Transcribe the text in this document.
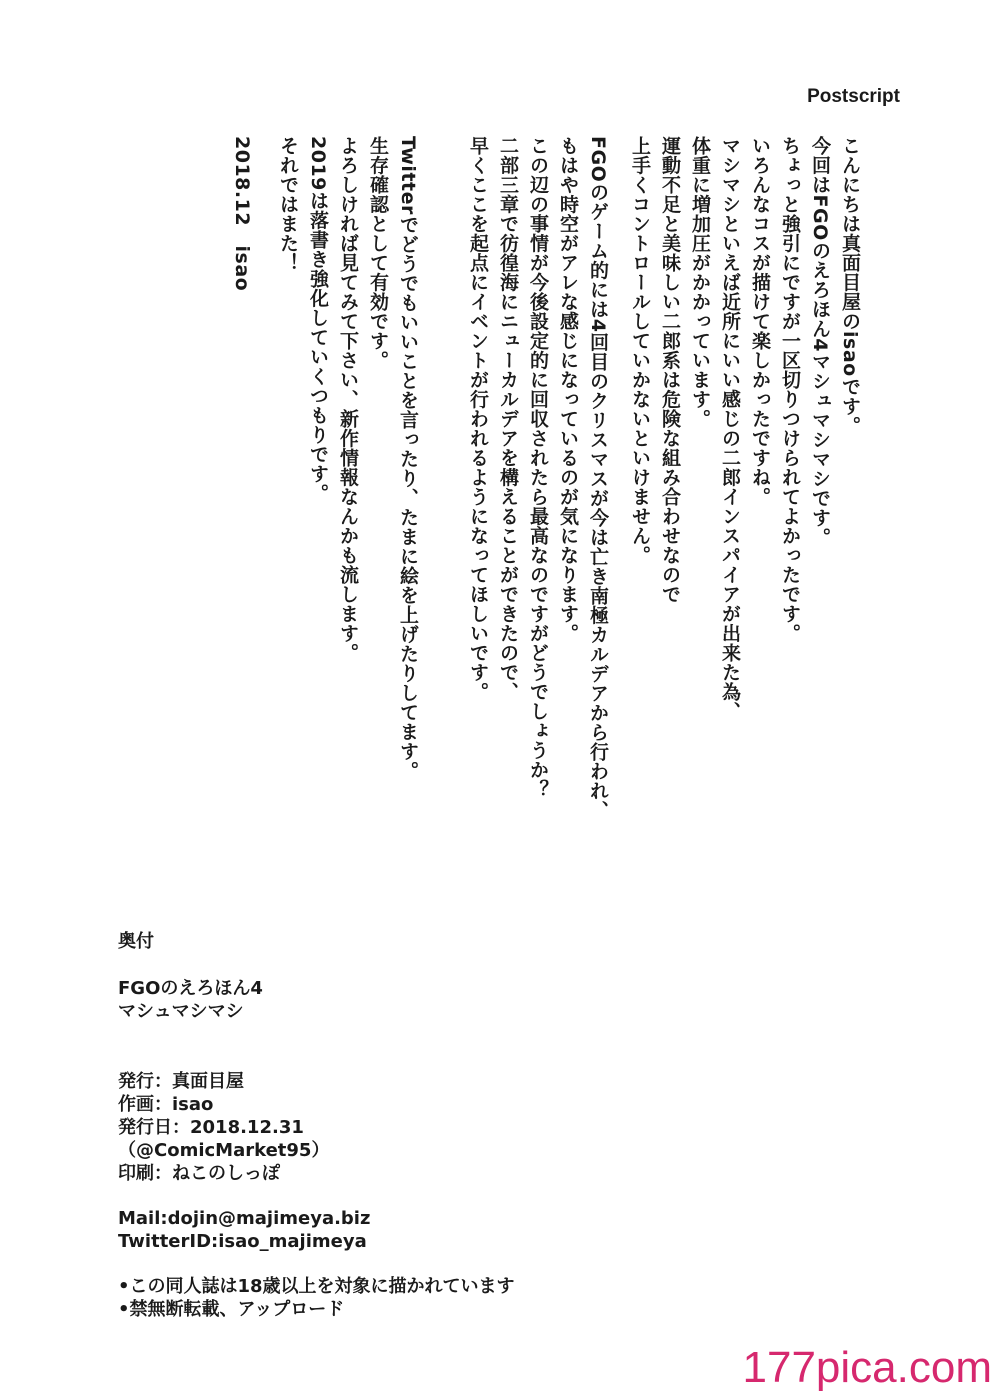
Postscript
こんにちは真面目屋のisaoです。
今回はFGOのえろほん4マシュマシマシです。
ちょっと強引にですが一区切りつけられてよかったです。
いろんなコスが描けて楽しかったですね。
マシマシといえば近所にいい感じの二郎インスパイアが出来た為、
体重に増加圧がかかっています。
運動不足と美味しい二郎系は危険な組み合わせなので
上手くコントロールしていかないといけません。
FGOのゲーム的には4回目のクリスマスが今は亡き南極カルデアから行われ、
もはや時空がアレな感じになっているのが気になります。
この辺の事情が今後設定的に回収されたら最高なのですがどうでしょうか？
二部三章で彷徨海にニューカルデアを構えることができたので、
早くここを起点にイベントが行われるようになってほしいです。
Twitterでどうでもいいことを言ったり、たまに絵を上げたりしてます。
生存確認として有効です。
よろしければ見てみて下さい、新作情報なんかも流します。
2019は落書き強化していくつもりです。
それではまた！
2018.12　isao
奥付
FGOのえろほん4
マシュマシマシ
発行：真面目屋
作画：isao
発行日：2018.12.31
（@ComicMarket95）
印刷：ねこのしっぽ
Mail:dojin@majimeya.biz
TwitterID:isao_majimeya
•この同人誌は18歳以上を対象に描かれています
•禁無断転載、アップロード
177pica.com
